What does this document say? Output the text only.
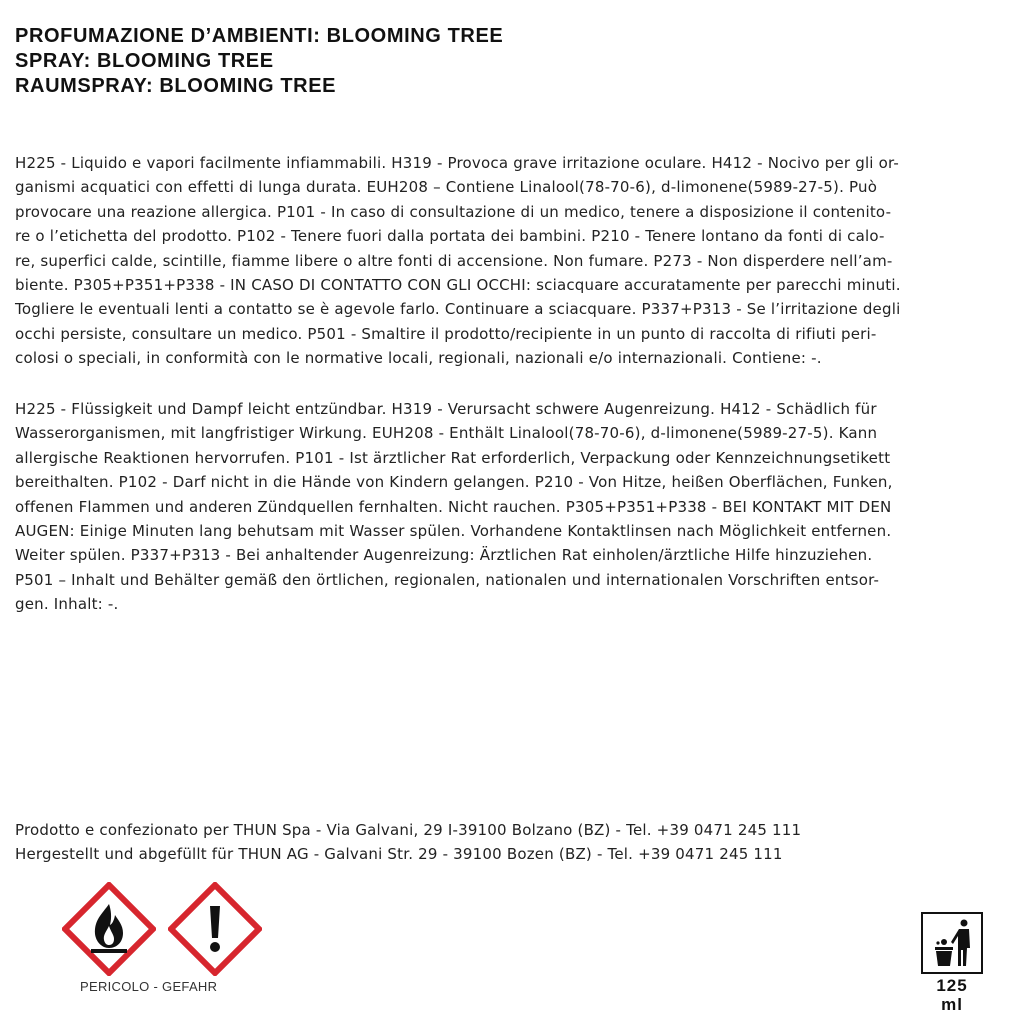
PROFUMAZIONE D’AMBIENTI: BLOOMING TREE
SPRAY: BLOOMING TREE
RAUMSPRAY: BLOOMING TREE
H225 - Liquido e vapori facilmente infiammabili. H319 - Provoca grave irritazione oculare. H412 - Nocivo per gli or-
ganismi acquatici con effetti di lunga durata. EUH208 – Contiene Linalool(78-70-6), d-limonene(5989-27-5). Può
provocare una reazione allergica. P101 - In caso di consultazione di un medico, tenere a disposizione il contenito-
re o l’etichetta del prodotto. P102 - Tenere fuori dalla portata dei bambini. P210 - Tenere lontano da fonti di calo-
re, superfici calde, scintille, fiamme libere o altre fonti di accensione. Non fumare. P273 - Non disperdere nell’am-
biente. P305+P351+P338 - IN CASO DI CONTATTO CON GLI OCCHI: sciacquare accuratamente per parecchi minuti.
Togliere le eventuali lenti a contatto se è agevole farlo. Continuare a sciacquare. P337+P313 - Se l’irritazione degli
occhi persiste, consultare un medico. P501 - Smaltire il prodotto/recipiente in un punto di raccolta di rifiuti peri-
colosi o speciali, in conformità con le normative locali, regionali, nazionali e/o internazionali. Contiene: -.
H225 - Flüssigkeit und Dampf leicht entzündbar. H319 - Verursacht schwere Augenreizung. H412 - Schädlich für
Wasserorganismen, mit langfristiger Wirkung. EUH208 - Enthält Linalool(78-70-6), d-limonene(5989-27-5). Kann
allergische Reaktionen hervorrufen. P101 - Ist ärztlicher Rat erforderlich, Verpackung oder Kennzeichnungsetikett
bereithalten. P102 - Darf nicht in die Hände von Kindern gelangen. P210 - Von Hitze, heißen Oberflächen, Funken,
offenen Flammen und anderen Zündquellen fernhalten. Nicht rauchen. P305+P351+P338 - BEI KONTAKT MIT DEN
AUGEN: Einige Minuten lang behutsam mit Wasser spülen. Vorhandene Kontaktlinsen nach Möglichkeit entfernen.
Weiter spülen. P337+P313 - Bei anhaltender Augenreizung: Ärztlichen Rat einholen/ärztliche Hilfe hinzuziehen.
P501 – Inhalt und Behälter gemäß den örtlichen, regionalen, nationalen und internationalen Vorschriften entsor-
gen. Inhalt: -.
Prodotto e confezionato per THUN Spa - Via Galvani, 29 I-39100 Bolzano (BZ) - Tel. +39 0471 245 111
Hergestellt und abgefüllt für THUN AG - Galvani Str. 29 - 39100 Bozen (BZ) - Tel. +39 0471 245 111
PERICOLO - GEFAHR	125
ml
